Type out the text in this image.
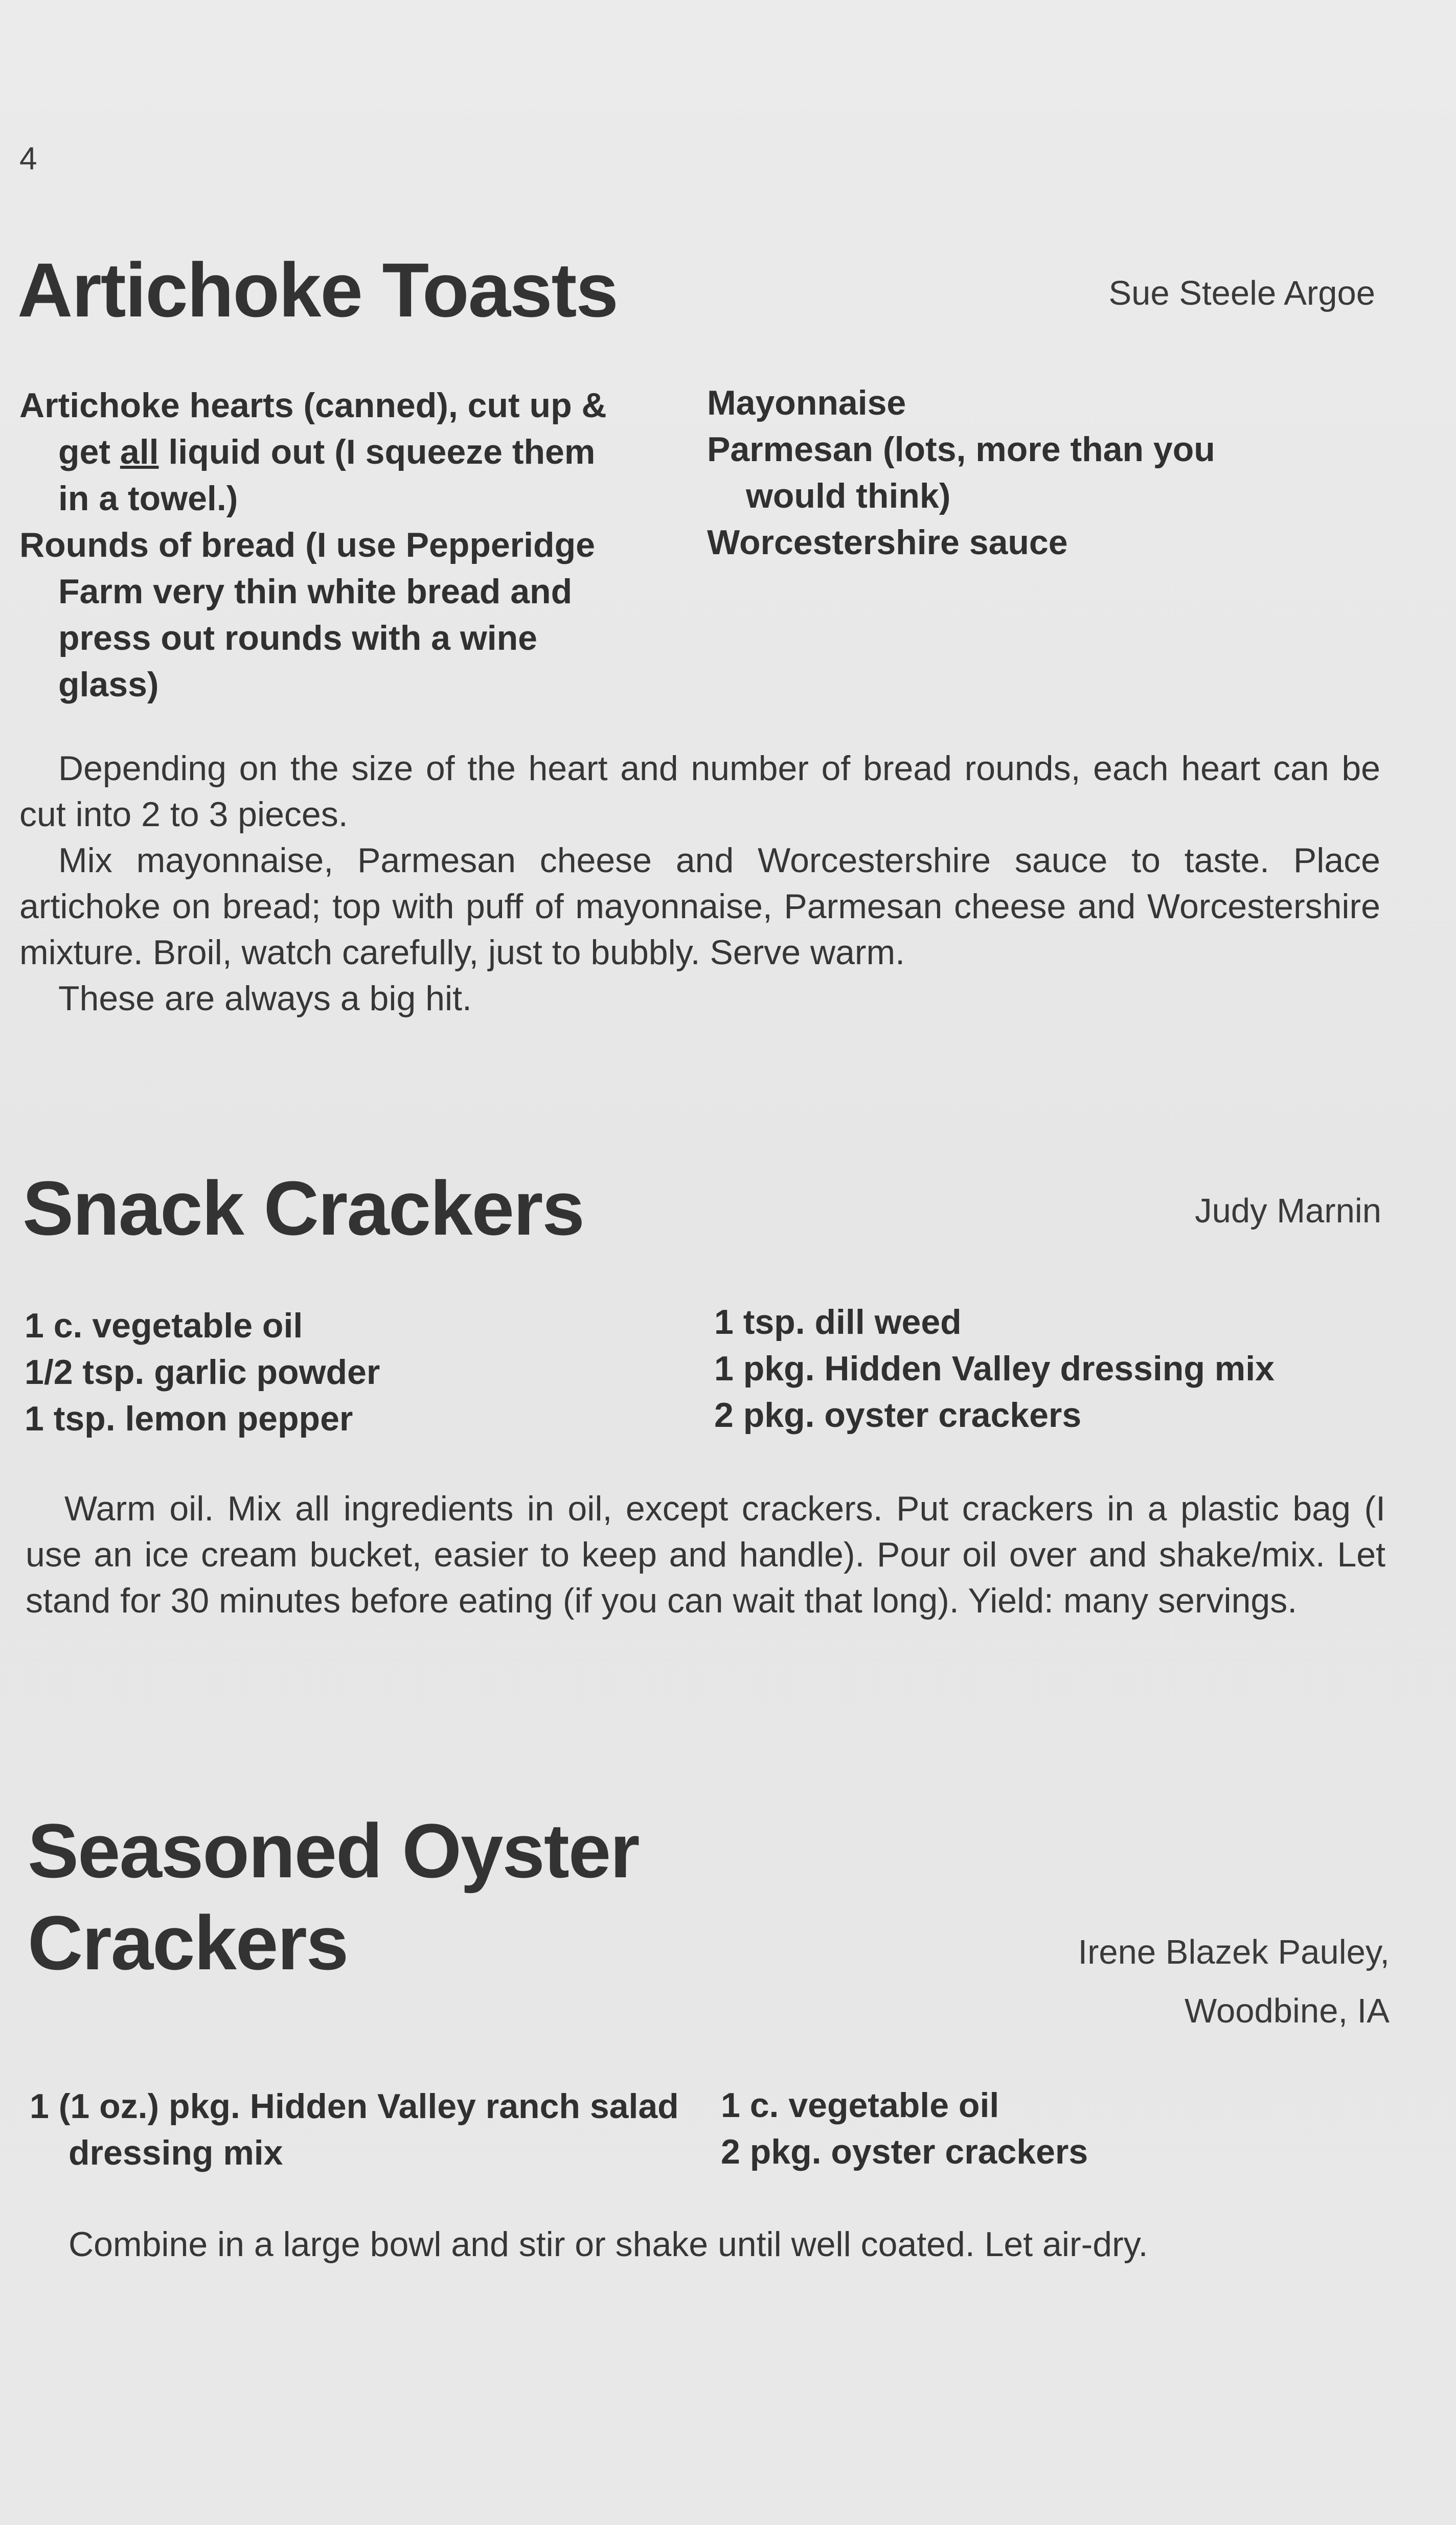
4
Artichoke Toasts	Sue Steele Argoe
Artichoke hearts (canned), cut up & get all liquid out (I squeeze them in a towel.)
Rounds of bread (I use Pepperidge Farm very thin white bread and press out rounds with a wine glass)
Mayonnaise
Parmesan (lots, more than you would think)
Worcestershire sauce

Depending on the size of the heart and number of bread rounds, each heart can be cut into 2 to 3 pieces.

Mix mayonnaise, Parmesan cheese and Worcestershire sauce to taste. Place artichoke on bread; top with puff of mayonnaise, Parmesan cheese and Worcestershire mixture. Broil, watch carefully, just to bubbly. Serve warm.

These are always a big hit.

Snack Crackers	Judy Marnin
1 c. vegetable oil
1/2 tsp. garlic powder
1 tsp. lemon pepper
1 tsp. dill weed
1 pkg. Hidden Valley dressing mix
2 pkg. oyster crackers

Warm oil. Mix all ingredients in oil, except crackers. Put crackers in a plastic bag (I use an ice cream bucket, easier to keep and handle). Pour oil over and shake/mix. Let stand for 30 minutes before eating (if you can wait that long). Yield: many servings.

Seasoned Oyster
Crackers	Irene Blazek Pauley,
Woodbine, IA
1 (1 oz.) pkg. Hidden Valley ranch salad dressing mix
1 c. vegetable oil
2 pkg. oyster crackers

Combine in a large bowl and stir or shake until well coated. Let air-dry.
